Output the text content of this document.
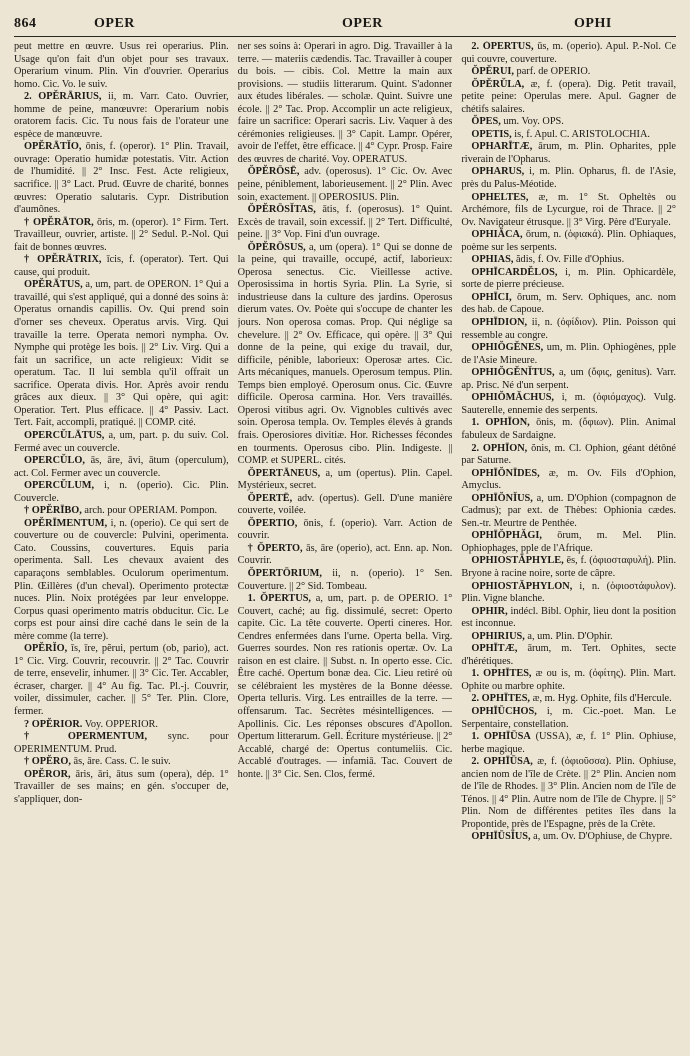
864	OPER	OPER	OPHI

peut mettre en œuvre. Usus rei operarius. Plin. Usage qu'on fait d'un objet pour ses travaux. Operarium vinum. Plin. Vin d'ouvrier. Operarius homo. Cic. Vo. le suiv.

2. OPĔRĀRIUS, ii, m. Varr. Cato. Ouvrier, homme de peine, manœuvre: Operarium nobis oratorem facis. Cic. Tu nous fais de l'orateur une espèce de manœuvre.

OPĔRĀTĬO, ōnis, f. (operor). 1° Plin. Travail, ouvrage: Operatio humidæ potestatis. Vitr. Action de l'humidité. || 2° Insc. Fest. Acte religieux, sacrifice. || 3° Lact. Prud. Œuvre de charité, bonnes œuvres: Operatio salutaris. Cypr. Distribution d'aumônes.

† OPĔRĀTOR, ōris, m. (operor). 1° Firm. Tert. Travailleur, ouvrier, artiste. || 2° Sedul. P.-Nol. Qui fait de bonnes œuvres.

† OPĔRĀTRIX, īcis, f. (operator). Tert. Qui cause, qui produit.

OPĔRĀTUS, a, um, part. de OPERON. 1° Qui a travaillé, qui s'est appliqué, qui a donné des soins à: Operatus ornandis capillis. Ov. Qui prend soin d'orner ses cheveux. Operatus arvis. Virg. Qui travaille la terre. Operata nemori nympha. Ov. Nymphe qui protège les bois. || 2° Liv. Virg. Qui a fait un sacrifice, un acte religieux: Vidit se operatum. Tac. Il lui sembla qu'il offrait un sacrifice. Operata divis. Hor. Après avoir rendu grâces aux dieux. || 3° Qui opère, qui agit: Operatior. Tert. Plus efficace. || 4° Passiv. Lact. Tert. Fait, accompli, pratiqué. || COMP. cité.

OPERCŬLĀTUS, a, um, part. p. du suiv. Col. Fermé avec un couvercle.

OPERCŬLO, ās, āre, āvi, ātum (operculum), act. Col. Fermer avec un couvercle.

OPERCŬLUM, i, n. (operio). Cic. Plin. Couvercle.

† OPĔRĪBO, arch. pour OPERIAM. Pompon.

OPĔRĪMENTUM, i, n. (operio). Ce qui sert de couverture ou de couvercle: Pulvini, operimenta. Cato. Coussins, couvertures. Equis paria operimenta. Sall. Les chevaux avaient des caparaçons semblables. Oculorum operimentum. Plin. Œillères (d'un cheval). Operimento protectæ nuces. Plin. Noix protégées par leur enveloppe. Corpus quasi operimento matris obducitur. Cic. Le corps est pour ainsi dire caché dans le sein de la mère comme (la terre).

OPĔRĬO, īs, īre, pĕrui, pertum (ob, pario), act. 1° Cic. Virg. Couvrir, recouvrir. || 2° Tac. Couvrir de terre, ensevelir, inhumer. || 3° Cic. Ter. Accabler, écraser, charger. || 4° Au fig. Tac. Pl.-j. Couvrir, voiler, dissimuler, cacher. || 5° Ter. Plin. Clore, fermer.

? OPĔRIOR. Voy. OPPERIOR.

† OPERMENTUM, sync. pour OPERIMENTUM. Prud.

† OPĔRO, ās, āre. Cass. C. le suiv.

OPĔROR, āris, āri, ātus sum (opera), dép. 1° Travailler de ses mains; en gén. s'occuper de, s'appliquer, don-

ner ses soins à: Operari in agro. Dig. Travailler à la terre. — materiis cædendis. Tac. Travailler à couper du bois. — cibis. Col. Mettre la main aux provisions. — studiis litterarum. Quint. S'adonner aux études libérales. — scholæ. Quint. Suivre une école. || 2° Tac. Prop. Accomplir un acte religieux, faire un sacrifice: Operari sacris. Liv. Vaquer à des cérémonies religieuses. || 3° Capit. Lampr. Opérer, avoir de l'effet, être efficace. || 4° Cypr. Prosp. Faire des œuvres de charité. Voy. OPERATUS.

ŎPĔRŌSĒ, adv. (operosus). 1° Cic. Ov. Avec peine, péniblement, laborieusement. || 2° Plin. Avec soin, exactement. || OPEROSIUS. Plin.

ŎPĔRŌSĬTAS, ātis, f. (operosus). 1° Quint. Excès de travail, soin excessif. || 2° Tert. Difficulté, peine. || 3° Vop. Fini d'un ouvrage.

ŎPĔRŌSUS, a, um (opera). 1° Qui se donne de la peine, qui travaille, occupé, actif, laborieux: Operosa senectus. Cic. Vieillesse active. Operosissima in hortis Syria. Plin. La Syrie, si industrieuse dans la culture des jardins. Operosus dierum vates. Ov. Poète qui s'occupe de chanter les jours. Non operosa comas. Prop. Qui néglige sa chevelure. || 2° Ov. Efficace, qui opère. || 3° Qui donne de la peine, qui exige du travail, dur, difficile, pénible, laborieux: Operosæ artes. Cic. Arts mécaniques, manuels. Operosum tempus. Plin. Temps bien employé. Operosum onus. Cic. Œuvre difficile. Operosa carmina. Hor. Vers travaillés. Operosi vitibus agri. Ov. Vignobles cultivés avec soin. Operosa templa. Ov. Temples élevés à grands frais. Operosiores divitiæ. Hor. Richesses fécondes en tourments. Operosus cibo. Plin. Indigeste. || COMP. et SUPERL. cités.

ŎPERTĀNEUS, a, um (opertus). Plin. Capel. Mystérieux, secret.

ŎPERTĒ, adv. (opertus). Gell. D'une manière couverte, voilée.

ŎPERTIO, ōnis, f. (operio). Varr. Action de couvrir.

† ŎPERTO, ās, āre (operio), act. Enn. ap. Non. Couvrir.

ŎPERTŌRIUM, ii, n. (operio). 1° Sen. Couverture. || 2° Sid. Tombeau.

1. ŎPERTUS, a, um, part. p. de OPERIO. 1° Couvert, caché; au fig. dissimulé, secret: Operto capite. Cic. La tête couverte. Operti cineres. Hor. Cendres enfermées dans l'urne. Operta bella. Virg. Guerres sourdes. Non res rationis opertæ. Ov. La raison en est claire. || Subst. n. In operto esse. Cic. Être caché. Opertum bonæ dea. Cic. Lieu retiré où se célébraient les mystères de la Bonne déesse. Operta telluris. Virg. Les entrailles de la terre. — offensarum. Tac. Secrètes mésintelligences. — Apollinis. Cic. Les réponses obscures d'Apollon. Opertum litterarum. Gell. Écriture mystérieuse. || 2° Accablé, chargé de: Opertus contumeliis. Cic. Accablé d'outrages. — infamiā. Tac. Couvert de honte. || 3° Cic. Sen. Clos, fermé.

2. ŎPERTUS, ūs, m. (operio). Apul. P.-Nol. Ce qui couvre, couverture.

ŎPĔRUI, parf. de OPERIO.

ŎPĔRŬLA, æ, f. (opera). Dig. Petit travail, petite peine: Operulas mere. Apul. Gagner de chétifs salaires.

ŎPES, um. Voy. OPS.

OPETIS, is, f. Apul. C. ARISTOLOCHIA.

OPHARĪTÆ, ārum, m. Plin. Opharites, pple riverain de l'Opharus.

OPHARUS, i, m. Plin. Opharus, fl. de l'Asie, près du Palus-Méotide.

OPHELTES, æ, m. 1° St. Opheltès ou Archémore, fils de Lycurgue, roi de Thrace. || 2° Ov. Navigateur étrusque. || 3° Virg. Père d'Euryale.

OPHIĂCA, ōrum, n. (ὀφιακά). Plin. Ophiaques, poème sur les serpents.

OPHIAS, ădis, f. Ov. Fille d'Ophius.

OPHĪCARDĔLOS, i, m. Plin. Ophicardèle, sorte de pierre précieuse.

OPHĪCI, ōrum, m. Serv. Ophiques, anc. nom des hab. de Capoue.

OPHĪDION, ii, n. (ὀφίδιον). Plin. Poisson qui ressemble au congre.

OPHIŎGĔNES, um, m. Plin. Ophiogènes, pple de l'Asie Mineure.

OPHIŎGĔNĬTUS, a, um (ὄφις, genitus). Varr. ap. Prisc. Né d'un serpent.

OPHIŎMĂCHUS, i, m. (ὀφιόμαχος). Vulg. Sauterelle, ennemie des serpents.

1. OPHĪON, ōnis, m. (ὄφιων). Plin. Animal fabuleux de Sardaigne.

2. OPHĪON, ŏnis, m. Cl. Ophion, géant détôné par Saturne.

OPHĪŎNĪDES, æ, m. Ov. Fils d'Ophion, Amyclus.

OPHĪŎNĬUS, a, um. D'Ophion (compagnon de Cadmus); par ext. de Thèbes: Ophionia cædes. Sen.-tr. Meurtre de Penthée.

OPHĪŎPHĂGI, ōrum, m. Mel. Plin. Ophiophages, pple de l'Afrique.

OPHIOSTĂPHYLE, ēs, f. (ὀφιοσταφυλή). Plin. Bryone à racine noire, sorte de câpre.

OPHIOSTĂPHYLON, i, n. (ὀφιοστάφυλον). Plin. Vigne blanche.

OPHIR, indécl. Bibl. Ophir, lieu dont la position est inconnue.

OPHIRIUS, a, um. Plin. D'Ophir.

OPHĪTÆ, ārum, m. Tert. Ophites, secte d'hérétiques.

1. OPHĪTES, æ ou is, m. (ὀφίτης). Plin. Mart. Ophite ou marbre ophite.

2. OPHĪTES, æ, m. Hyg. Ophite, fils d'Hercule.

OPHĪŪCHOS, i, m. Cic.-poet. Man. Le Serpentaire, constellation.

1. OPHĪŪSA (USSA), æ, f. 1° Plin. Ophiuse, herbe magique.

2. OPHĪŪSA, æ, f. (ὀφιοῦσσα). Plin. Ophiuse, ancien nom de l'île de Crète. || 2° Plin. Ancien nom de l'île de Rhodes. || 3° Plin. Ancien nom de l'île de Ténos. || 4° Plin. Autre nom de l'île de Chypre. || 5° Plin. Nom de différentes petites îles dans la Propontide, près de l'Espagne, près de la Crète.

OPHĪŪSĬUS, a, um. Ov. D'Ophiuse, de Chypre.
